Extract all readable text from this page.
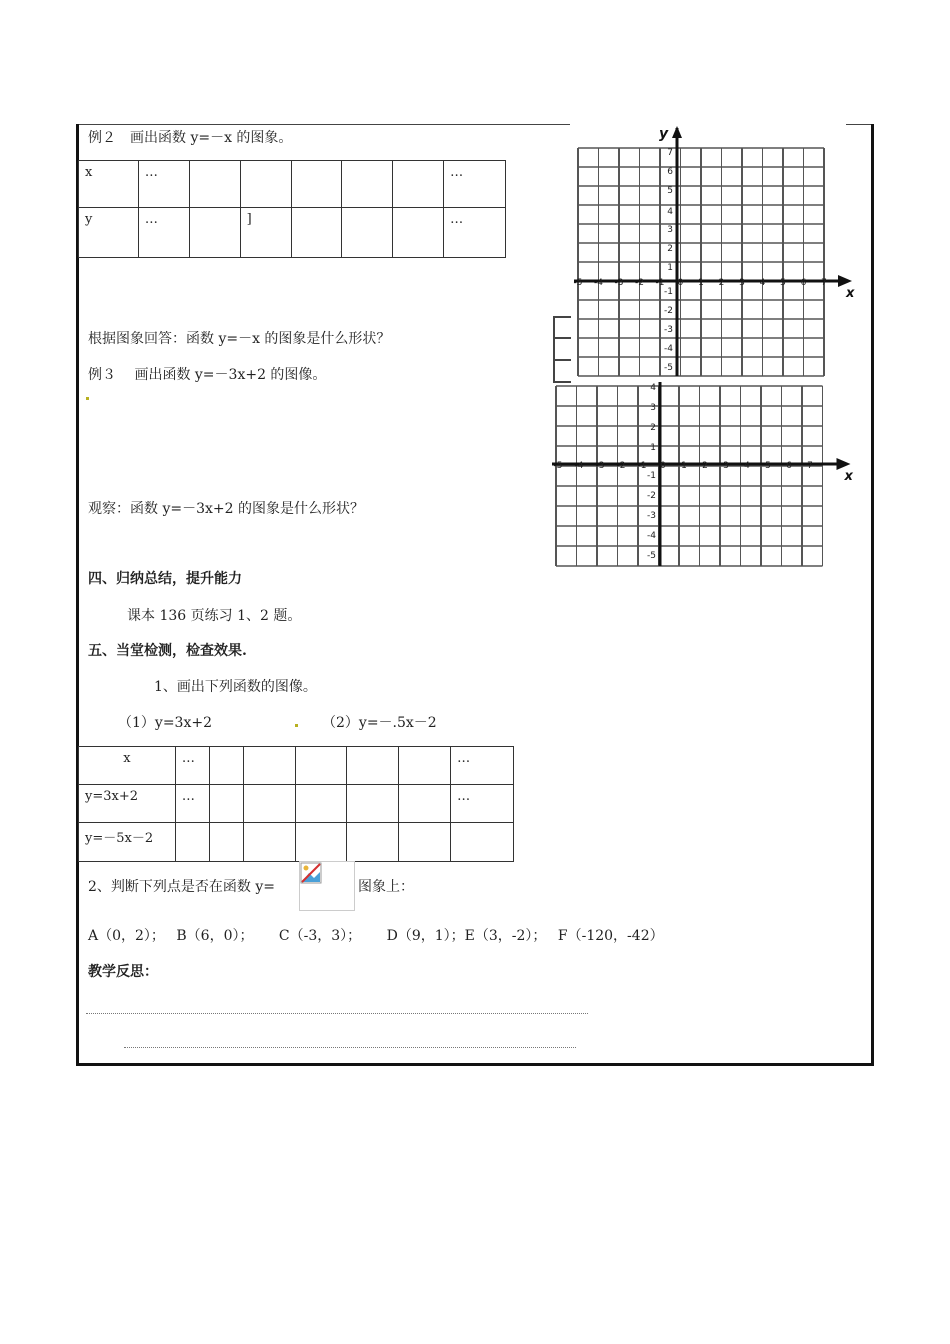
例２　画出函数 y=－x 的图象。
x	…						…
y	…		]				…
根据图象回答：函数 y=－x 的图象是什么形状？
例３　 画出函数 y=－3x+2 的图像。
观察：函数 y=－3x+2 的图象是什么形状？
四、归纳总结，提升能力
课本 136 页练习 1、2 题。
五、当堂检测，检查效果.
1、画出下列函数的图像。
（1）y=3x+2	（2）y=－.5x－2
x	…						…
y=3x+2	…						…
y=－5x－2							
2、判断下列点是否在函数 y=	图象上：
A（0，2）；　 B（6，0）；　　 C（-3，3）；　　 D（9，1）；E（3，-2）；　 F（-120，-42）
教学反思：
-5 -4 -3 -2 -1 0 1 2 3 4 5 6 7
7
6
5
4
3
2
1
-1
-2
-3
-4
-5
x
y
-5 -4 -3 -2 -1 0 1 2 3 4 5 6 7
4
3
2
1
-1
-2
-3
-4
-5
x
